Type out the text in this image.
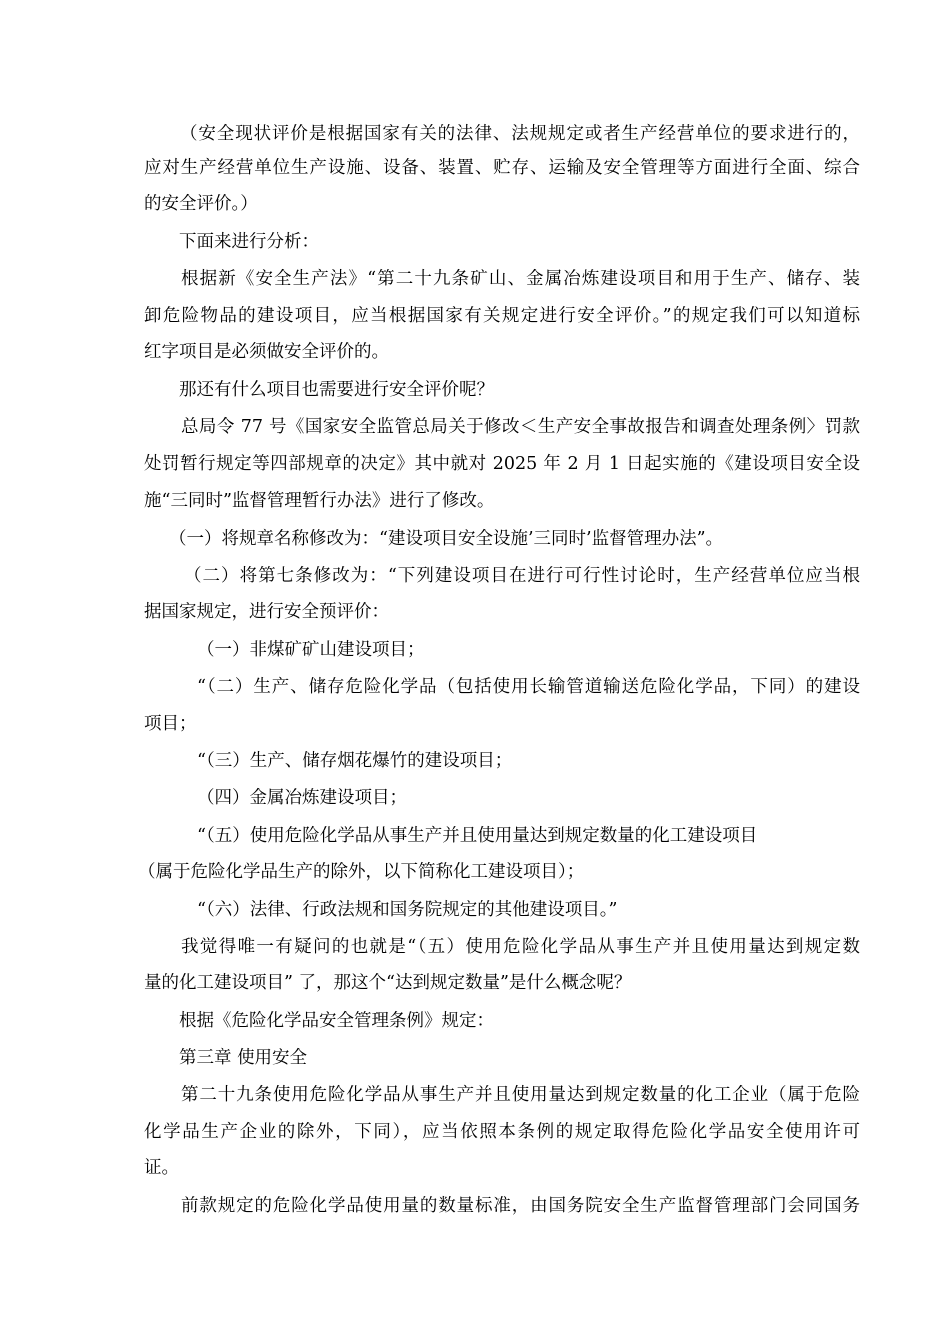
（安全现状评价是根据国家有关的法律、法规规定或者生产经营单位的要求进行的，
应对生产经营单位生产设施、设备、装置、贮存、运输及安全管理等方面进行全面、综合
的安全评价。）
下面来进行分析：
根据新《安全生产法》“第二十九条矿山、金属冶炼建设项目和用于生产、储存、装
卸危险物品的建设项目，应当根据国家有关规定进行安全评价。”的规定我们可以知道标
红字项目是必须做安全评价的。
那还有什么项目也需要进行安全评价呢？
总局令 77 号《国家安全监管总局关于修改＜生产安全事故报告和调查处理条例〉罚款
处罚暂行规定等四部规章的决定》其中就对 2025 年 2 月 1 日起实施的《建设项目安全设
施“三同时”监督管理暂行办法》进行了修改。
（一）将规章名称修改为：“建设项目安全设施’三同时’监督管理办法”。
（二）将第七条修改为：“下列建设项目在进行可行性讨论时，生产经营单位应当根
据国家规定，进行安全预评价：
（一）非煤矿矿山建设项目；
“（二）生产、储存危险化学品（包括使用长输管道输送危险化学品，下同）的建设
项目；
“（三）生产、储存烟花爆竹的建设项目；
（四）金属冶炼建设项目；
“（五）使用危险化学品从事生产并且使用量达到规定数量的化工建设项目
（属于危险化学品生产的除外，以下简称化工建设项目）；
“（六）法律、行政法规和国务院规定的其他建设项目。”
我觉得唯一有疑问的也就是“（五）使用危险化学品从事生产并且使用量达到规定数
量的化工建设项目” 了，那这个“达到规定数量”是什么概念呢？
根据《危险化学品安全管理条例》规定：
第三章 使用安全
第二十九条使用危险化学品从事生产并且使用量达到规定数量的化工企业（属于危险
化学品生产企业的除外，下同），应当依照本条例的规定取得危险化学品安全使用许可
证。
前款规定的危险化学品使用量的数量标准，由国务院安全生产监督管理部门会同国务
